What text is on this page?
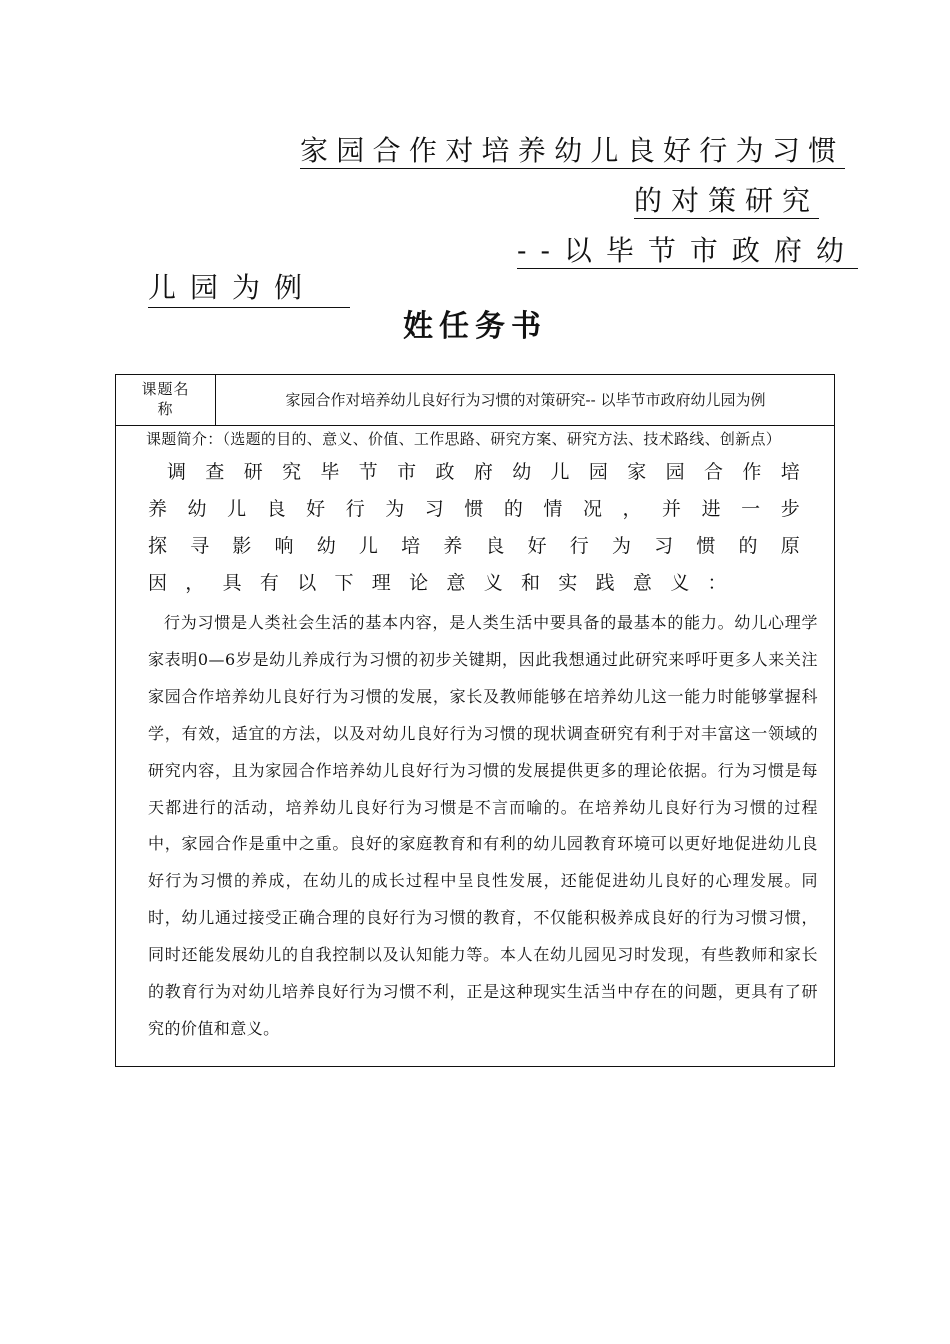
家园合作对培养幼儿良好行为习惯
的对策研究
--以毕节市政府幼
儿园为例
姓任务书
课题名称	家园合作对培养幼儿良好行为习惯的对策研究-- 以毕节市政府幼儿园为例
课题简介：（选题的目的、意义、价值、工作思路、研究方案、研究方法、技术路线、创新点）
调查研究毕节市政府幼儿园家园合作培养幼儿良好行为习惯的情况，并进一步探寻影响幼儿培养良好行为习惯的原因，具有以下理论意义和实践意义：
行为习惯是人类社会生活的基本内容，是人类生活中要具备的最基本的能力。幼儿心理学家表明0—6岁是幼儿养成行为习惯的初步关键期，因此我想通过此研究来呼吁更多人来关注家园合作培养幼儿良好行为习惯的发展，家长及教师能够在培养幼儿这一能力时能够掌握科学，有效，适宜的方法，以及对幼儿良好行为习惯的现状调查研究有利于对丰富这一领域的研究内容，且为家园合作培养幼儿良好行为习惯的发展提供更多的理论依据。行为习惯是每天都进行的活动，培养幼儿良好行为习惯是不言而喻的。在培养幼儿良好行为习惯的过程中，家园合作是重中之重。良好的家庭教育和有利的幼儿园教育环境可以更好地促进幼儿良好行为习惯的养成，在幼儿的成长过程中呈良性发展，还能促进幼儿良好的心理发展。同时，幼儿通过接受正确合理的良好行为习惯的教育，不仅能积极养成良好的行为习惯习惯，同时还能发展幼儿的自我控制以及认知能力等。本人在幼儿园见习时发现，有些教师和家长的教育行为对幼儿培养良好行为习惯不利，正是这种现实生活当中存在的问题，更具有了研究的价值和意义。
